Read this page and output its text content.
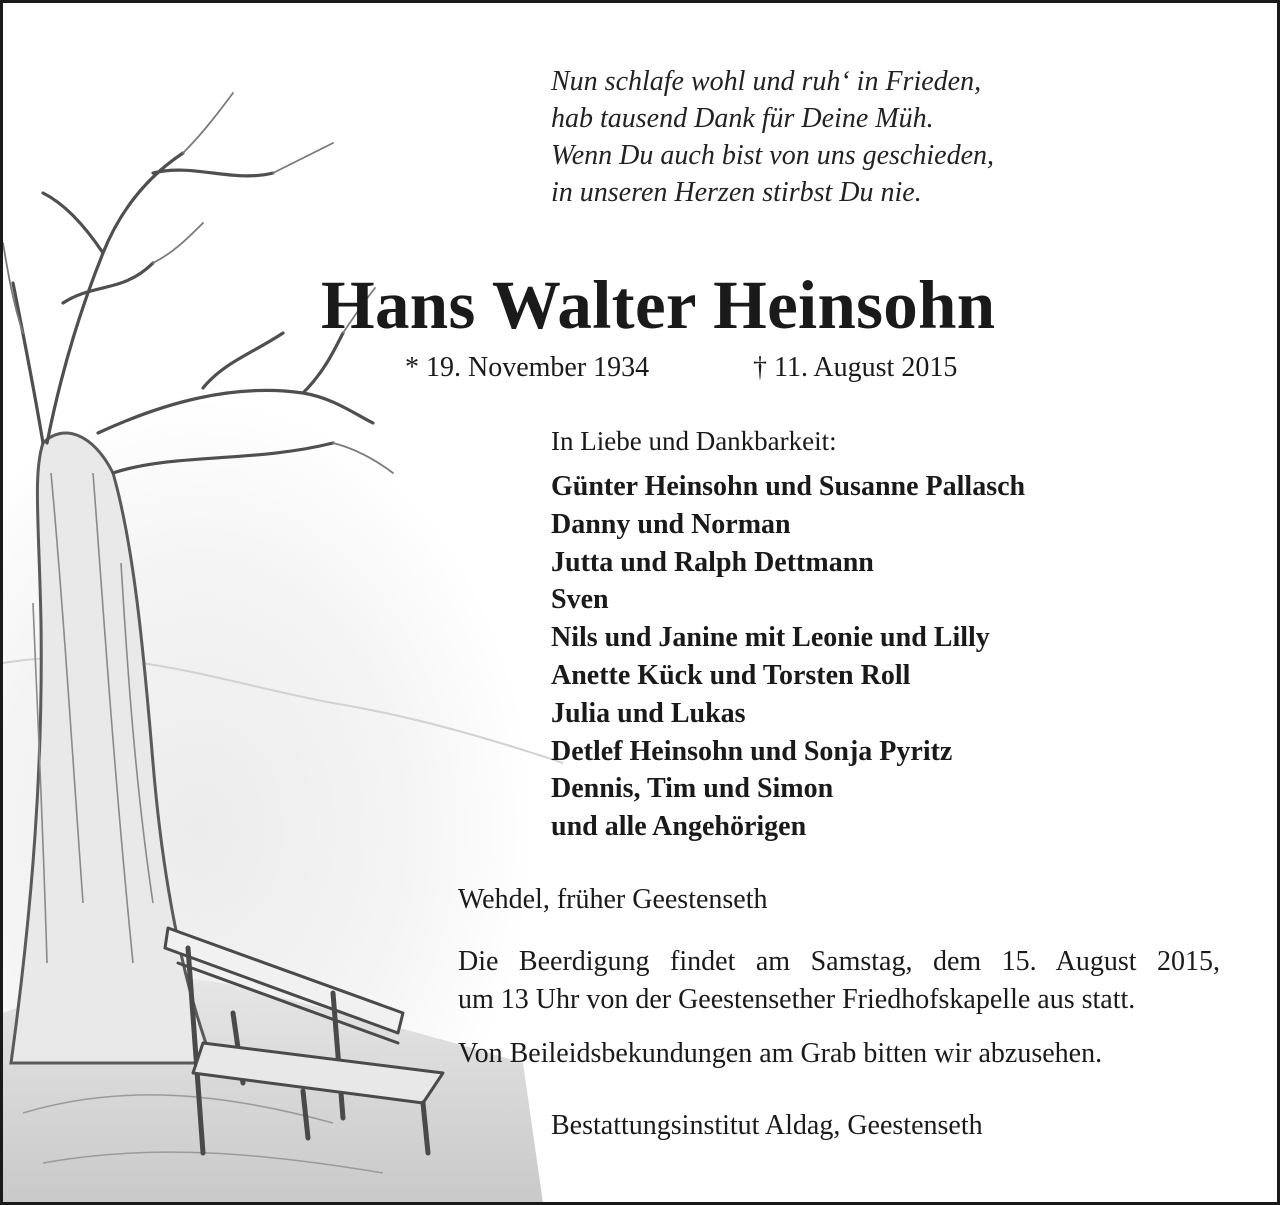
Nun schlafe wohl und ruh‘ in Frieden,
hab tausend Dank für Deine Müh.
Wenn Du auch bist von uns geschieden,
in unseren Herzen stirbst Du nie.
Hans Walter Heinsohn
* 19. November 1934	† 11. August 2015
In Liebe und Dankbarkeit:
Günter Heinsohn und Susanne Pallasch
Danny und Norman
Jutta und Ralph Dettmann
Sven
Nils und Janine mit Leonie und Lilly
Anette Kück und Torsten Roll
Julia und Lukas
Detlef Heinsohn und Sonja Pyritz
Dennis, Tim und Simon
und alle Angehörigen
Wehdel, früher Geestenseth
Die Beerdigung findet am Samstag, dem 15. August 2015,
um 13 Uhr von der Geestensether Friedhofskapelle aus statt.
Von Beileidsbekundungen am Grab bitten wir abzusehen.
Bestattungsinstitut Aldag, Geestenseth
